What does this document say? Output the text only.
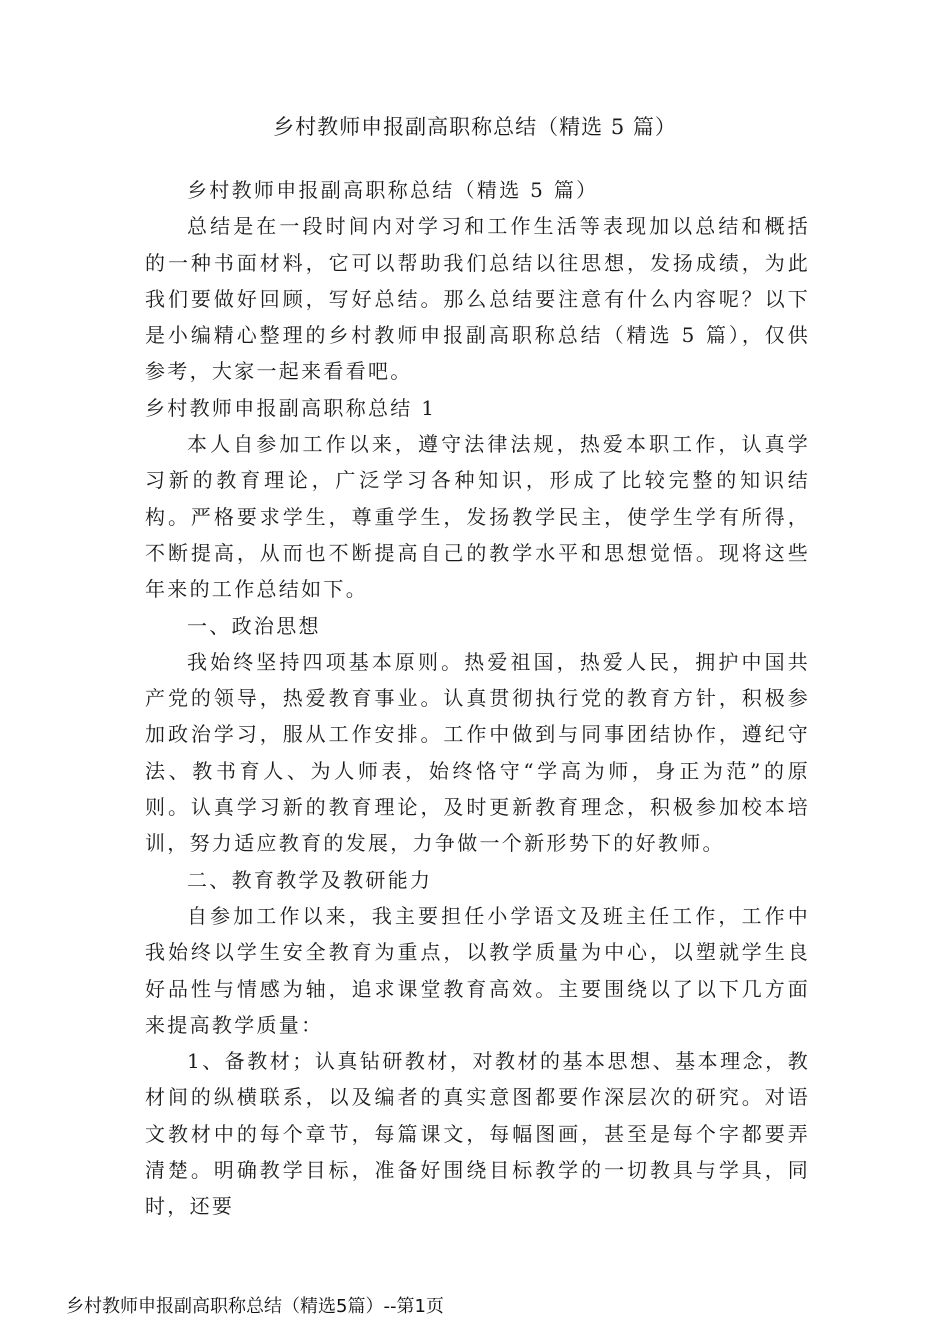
乡村教师申报副高职称总结（精选 5 篇）

乡村教师申报副高职称总结（精选 5 篇）

总结是在一段时间内对学习和工作生活等表现加以总结和概括的一种书面材料，它可以帮助我们总结以往思想，发扬成绩，为此我们要做好回顾，写好总结。那么总结要注意有什么内容呢？以下是小编精心整理的乡村教师申报副高职称总结（精选 5 篇），仅供参考，大家一起来看看吧。

乡村教师申报副高职称总结 1

本人自参加工作以来，遵守法律法规，热爱本职工作，认真学习新的教育理论，广泛学习各种知识，形成了比较完整的知识结构。严格要求学生，尊重学生，发扬教学民主，使学生学有所得，不断提高，从而也不断提高自己的教学水平和思想觉悟。现将这些年来的工作总结如下。

一、政治思想

我始终坚持四项基本原则。热爱祖国，热爱人民，拥护中国共产党的领导，热爱教育事业。认真贯彻执行党的教育方针，积极参加政治学习，服从工作安排。工作中做到与同事团结协作，遵纪守法、教书育人、为人师表，始终恪守“学高为师，身正为范”的原则。认真学习新的教育理论，及时更新教育理念，积极参加校本培训，努力适应教育的发展，力争做一个新形势下的好教师。

二、教育教学及教研能力

自参加工作以来，我主要担任小学语文及班主任工作，工作中我始终以学生安全教育为重点，以教学质量为中心，以塑就学生良好品性与情感为轴，追求课堂教育高效。主要围绕以了以下几方面来提高教学质量：

1、备教材；认真钻研教材，对教材的基本思想、基本理念，教材间的纵横联系，以及编者的真实意图都要作深层次的研究。对语文教材中的每个章节，每篇课文，每幅图画，甚至是每个字都要弄清楚。明确教学目标，准备好围绕目标教学的一切教具与学具，同时，还要

乡村教师申报副高职称总结（精选5篇）--第1页
